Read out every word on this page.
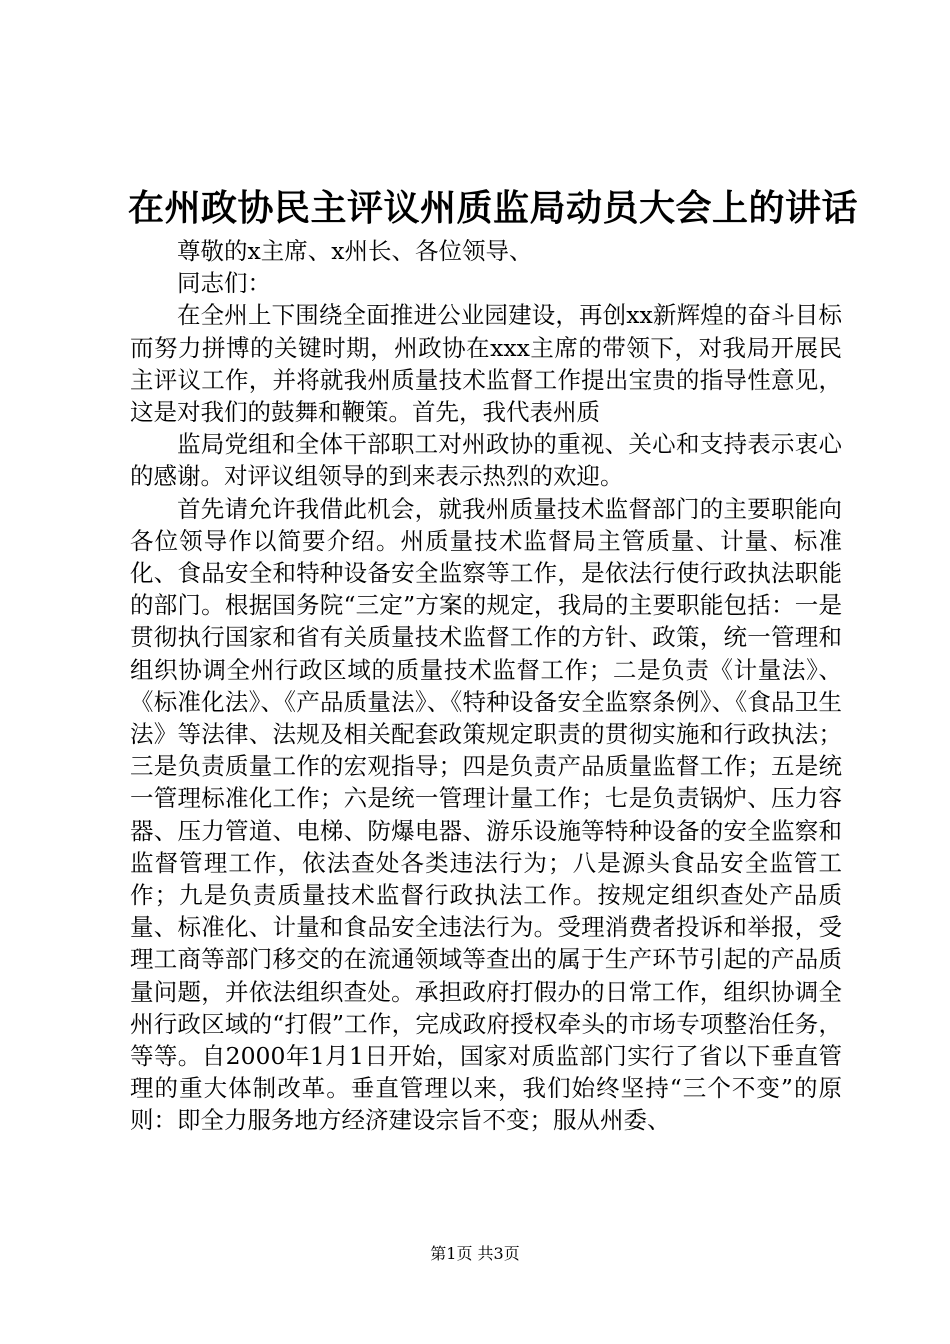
在州政协民主评议州质监局动员大会上的讲话

尊敬的x主席、x州长、各位领导、

同志们：

在全州上下围绕全面推进公业园建设，再创xx新辉煌的奋斗目标而努力拼博的关键时期，州政协在xxx主席的带领下，对我局开展民主评议工作，并将就我州质量技术监督工作提出宝贵的指导性意见，这是对我们的鼓舞和鞭策。首先，我代表州质

监局党组和全体干部职工对州政协的重视、关心和支持表示衷心的感谢。对评议组领导的到来表示热烈的欢迎。

首先请允许我借此机会，就我州质量技术监督部门的主要职能向各位领导作以简要介绍。州质量技术监督局主管质量、计量、标准化、食品安全和特种设备安全监察等工作，是依法行使行政执法职能的部门。根据国务院“三定”方案的规定，我局的主要职能包括：一是贯彻执行国家和省有关质量技术监督工作的方针、政策，统一管理和组织协调全州行政区域的质量技术监督工作；二是负责《计量法》、《标准化法》、《产品质量法》、《特种设备安全监察条例》、《食品卫生法》等法律、法规及相关配套政策规定职责的贯彻实施和行政执法；三是负责质量工作的宏观指导；四是负责产品质量监督工作；五是统一管理标准化工作；六是统一管理计量工作；七是负责锅炉、压力容器、压力管道、电梯、防爆电器、游乐设施等特种设备的安全监察和监督管理工作，依法查处各类违法行为；八是源头食品安全监管工作；九是负责质量技术监督行政执法工作。按规定组织查处产品质量、标准化、计量和食品安全违法行为。受理消费者投诉和举报，受理工商等部门移交的在流通领域等查出的属于生产环节引起的产品质量问题，并依法组织查处。承担政府打假办的日常工作，组织协调全州行政区域的“打假”工作，完成政府授权牵头的市场专项整治任务，等等。自2000年1月1日开始，国家对质监部门实行了省以下垂直管理的重大体制改革。垂直管理以来，我们始终坚持“三个不变”的原则：即全力服务地方经济建设宗旨不变；服从州委、

第1页 共3页
